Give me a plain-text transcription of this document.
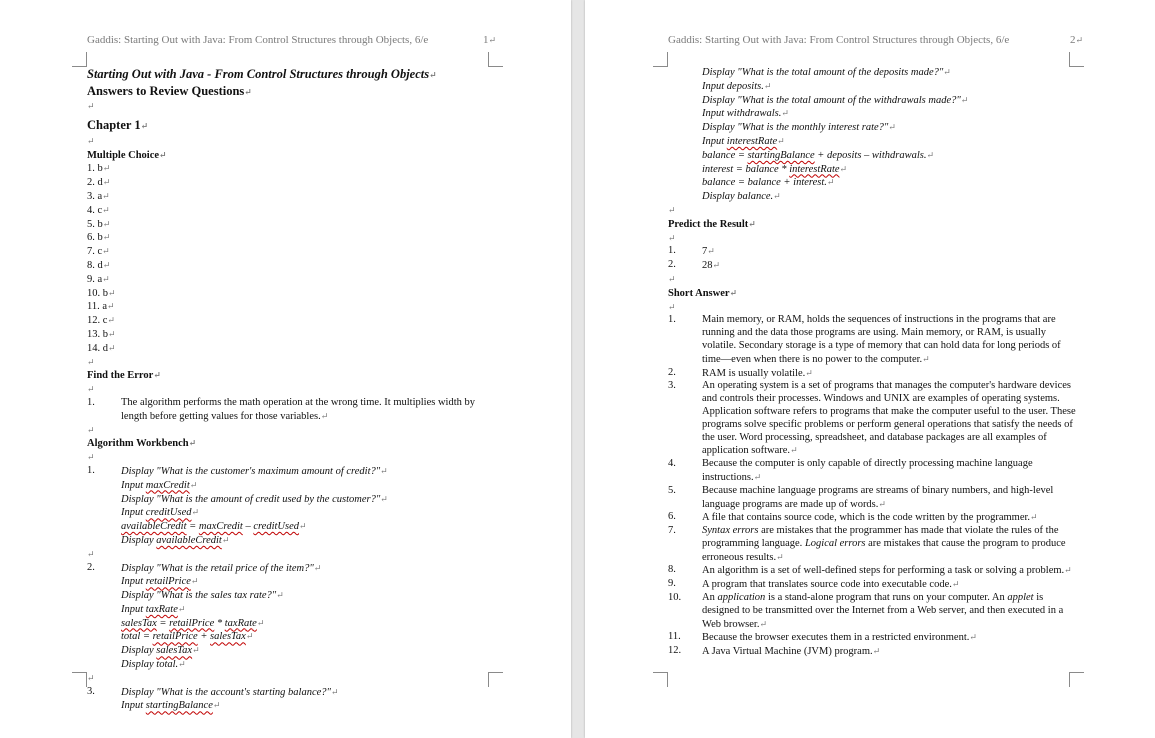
Gaddis: Starting Out with Java: From Control Structures through Objects, 6/e	1↵
Starting Out with Java - From Control Structures through Objects↵
Answers to Review Questions↵
↵
Chapter 1↵
↵
Multiple Choice↵
1. b↵
2. d↵
3. a↵
4. c↵
5. b↵
6. b↵
7. c↵
8. d↵
9. a↵
10. b↵
11. a↵
12. c↵
13. b↵
14. d↵
↵
Find the Error↵
↵
1.	The algorithm performs the math operation at the wrong time. It multiplies width by length before getting values for those variables.↵
↵
Algorithm Workbench↵
↵
1.	Display "What is the customer's maximum amount of credit?"↵
Input maxCredit↵
Display "What is the amount of credit used by the customer?"↵
Input creditUsed↵
availableCredit = maxCredit – creditUsed↵
Display availableCredit↵
↵
2.	Display "What is the retail price of the item?"↵
Input retailPrice↵
Display "What is the sales tax rate?"↵
Input taxRate↵
salesTax = retailPrice * taxRate↵
total = retailPrice + salesTax↵
Display salesTax↵
Display total.↵
↵
3.	Display "What is the account's starting balance?"↵
Input startingBalance↵
Gaddis: Starting Out with Java: From Control Structures through Objects, 6/e	2↵
Display "What is the total amount of the deposits made?"↵
Input deposits.↵
Display "What is the total amount of the withdrawals made?"↵
Input withdrawals.↵
Display "What is the monthly interest rate?"↵
Input interestRate↵
balance = startingBalance + deposits – withdrawals.↵
interest = balance * interestRate↵
balance = balance + interest.↵
Display balance.↵
↵
Predict the Result↵
↵
1.	7↵
2.	28↵
↵
Short Answer↵
↵
1.	Main memory, or RAM, holds the sequences of instructions in the programs that are running and the data those programs are using. Main memory, or RAM, is usually volatile. Secondary storage is a type of memory that can hold data for long periods of time—even when there is no power to the computer.↵
2.	RAM is usually volatile.↵
3.	An operating system is a set of programs that manages the computer's hardware devices and controls their processes. Windows and UNIX are examples of operating systems. Application software refers to programs that make the computer useful to the user. These programs solve specific problems or perform general operations that satisfy the needs of the user. Word processing, spreadsheet, and database packages are all examples of application software.↵
4.	Because the computer is only capable of directly processing machine language instructions.↵
5.	Because machine language programs are streams of binary numbers, and high-level language programs are made up of words.↵
6.	A file that contains source code, which is the code written by the programmer.↵
7.	Syntax errors are mistakes that the programmer has made that violate the rules of the programming language. Logical errors are mistakes that cause the program to produce erroneous results.↵
8.	An algorithm is a set of well-defined steps for performing a task or solving a problem.↵
9.	A program that translates source code into executable code.↵
10.	An application is a stand-alone program that runs on your computer. An applet is designed to be transmitted over the Internet from a Web server, and then executed in a Web browser.↵
11.	Because the browser executes them in a restricted environment.↵
12.	A Java Virtual Machine (JVM) program.↵
